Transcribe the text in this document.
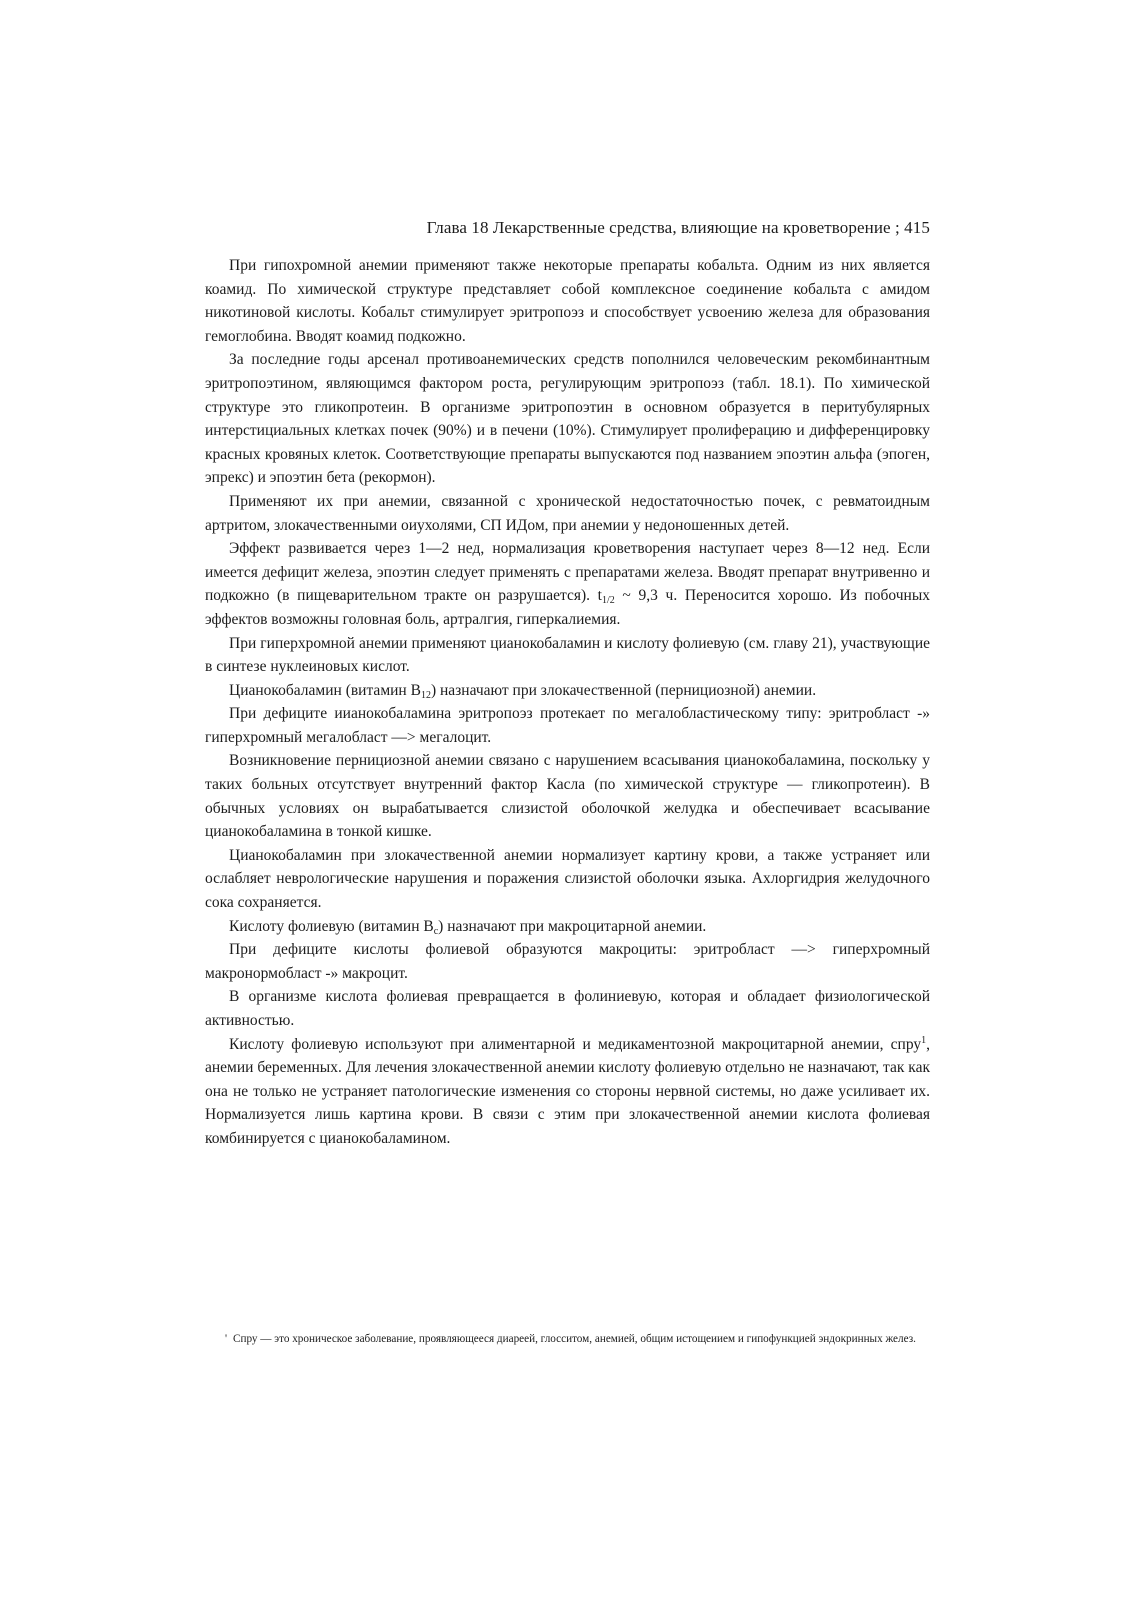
Глава 18 Лекарственные средства, влияющие на кроветворение ; 415

При гипохромной анемии применяют также некоторые препараты кобальта. Одним из них является коамид. По химической структуре представляет собой комплексное соединение кобальта с амидом никотиновой кислоты. Кобальт стимулирует эритропоэз и способствует усвоению железа для образования гемоглобина. Вводят коамид подкожно.

За последние годы арсенал противоанемических средств пополнился человеческим рекомбинантным эритропоэтином, являющимся фактором роста, регулирующим эритропоэз (табл. 18.1). По химической структуре это гликопротеин. В организме эритропоэтин в основном образуется в перитубулярных интерстициальных клетках почек (90%) и в печени (10%). Стимулирует пролиферацию и дифференцировку красных кровяных клеток. Соответствующие препараты выпускаются под названием эпоэтин альфа (эпоген, эпрекс) и эпоэтин бета (рекормон).

Применяют их при анемии, связанной с хронической недостаточностью почек, с ревматоидным артритом, злокачественными оиухолями, СП ИДом, при анемии у недоношенных детей.

Эффект развивается через 1—2 нед, нормализация кроветворения наступает через 8—12 нед. Если имеется дефицит железа, эпоэтин следует применять с препаратами железа. Вводят препарат внутривенно и подкожно (в пищеварительном тракте он разрушается). $t_{1/2}$ ~ 9,3 ч. Переносится хорошо. Из побочных эффектов возможны головная боль, артралгия, гиперкалиемия.

При гиперхромной анемии применяют цианокобаламин и кислоту фолиевую (см. главу 21), участвующие в синтезе нуклеиновых кислот.

Цианокобаламин (витамин $В_{12}$) назначают при злокачественной (пернициозной) анемии.

При дефиците ииaнокобаламина эритропоэз протекает по мегалобластическому типу: эритробласт -» гиперхромный мегалобласт —> мегалоцит.

Возникновение пернициозной анемии связано с нарушением всасывания цианокобаламина, поскольку у таких больных отсутствует внутренний фактор Касла (по химической структуре — гликопротеин). В обычных условиях он вырабатывается слизистой оболочкой желудка и обеспечивает всасывание цианокобаламина в тонкой кишке.

Цианокобаламин при злокачественной анемии нормализует картину крови, а также устраняет или ослабляет неврологические нарушения и поражения слизистой оболочки языка. Ахлоргидрия желудочного сока сохраняется.

Кислоту фолиевую (витамин $В_с$) назначают при макроцитарной анемии.

При дефиците кислоты фолиевой образуются макроциты: эритробласт —> гиперхромный макронормобласт -» макроцит.

В организме кислота фолиевая превращается в фолиниевую, которая и обладает физиологической активностью.

Кислоту фолиевую используют при алиментарной и медикаментозной макроцитарной анемии, спру$^1$, анемии беременных. Для лечения злокачественной анемии кислоту фолиевую отдельно не назначают, так как она не только не устраняет патологические изменения со стороны нервной системы, но даже усиливает их. Нормализуется лишь картина крови. В связи с этим при злокачественной анемии кислота фолиевая комбинируется с цианокобаламином.

' Спру — это хроническое заболевание, проявляющееся диареей, глосситом, анемией, общим истощеиием и гипофункцией эндокринных желез.
